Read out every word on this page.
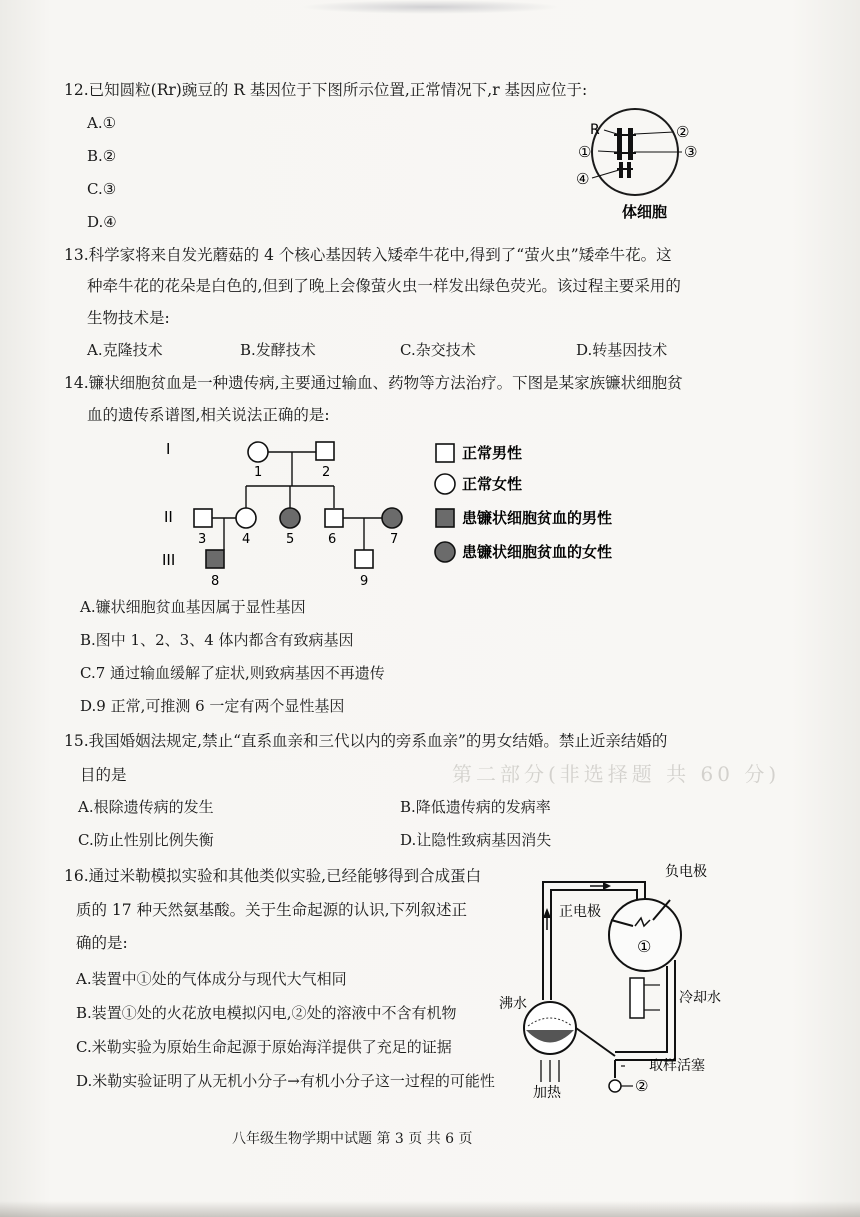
第二部分(非选择题 共 60 分)
12.已知圆粒(Rr)豌豆的 R 基因位于下图所示位置,正常情况下,r 基因应位于:
A.①
B.②
C.③
D.④
R
①
②
③
④
体细胞
13.科学家将来自发光蘑菇的 4 个核心基因转入矮牵牛花中,得到了“萤火虫”矮牵牛花。这
种牵牛花的花朵是白色的,但到了晚上会像萤火虫一样发出绿色荧光。该过程主要采用的
生物技术是:
A.克隆技术	B.发酵技术	C.杂交技术	D.转基因技术
14.镰状细胞贫血是一种遗传病,主要通过输血、药物等方法治疗。下图是某家族镰状细胞贫
血的遗传系谱图,相关说法正确的是:
I
II
III
1	2
3	4	5	6	7
8	9
正常男性
正常女性
患镰状细胞贫血的男性
患镰状细胞贫血的女性
A.镰状细胞贫血基因属于显性基因
B.图中 1、2、3、4 体内都含有致病基因
C.7 通过输血缓解了症状,则致病基因不再遗传
D.9 正常,可推测 6 一定有两个显性基因
15.我国婚姻法规定,禁止“直系血亲和三代以内的旁系血亲”的男女结婚。禁止近亲结婚的
目的是
A.根除遗传病的发生	B.降低遗传病的发病率
C.防止性别比例失衡	D.让隐性致病基因消失
16.通过米勒模拟实验和其他类似实验,已经能够得到合成蛋白
质的 17 种天然氨基酸。关于生命起源的认识,下列叙述正
确的是:
A.装置中①处的气体成分与现代大气相同
B.装置①处的火花放电模拟闪电,②处的溶液中不含有机物
C.米勒实验为原始生命起源于原始海洋提供了充足的证据
D.米勒实验证明了从无机小分子→有机小分子这一过程的可能性
①
负电极
正电极
冷却水
沸水
加热	②
取样活塞
八年级生物学期中试题 第 3 页 共 6 页
